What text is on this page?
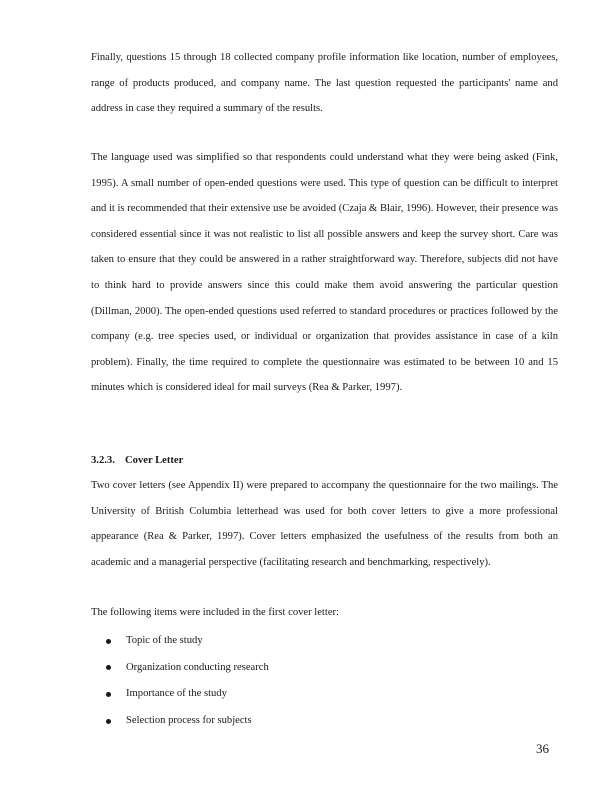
Finally, questions 15 through 18 collected company profile information like location, number of employees, range of products produced, and company name. The last question requested the participants' name and address in case they required a summary of the results.

The language used was simplified so that respondents could understand what they were being asked (Fink, 1995). A small number of open-ended questions were used. This type of question can be difficult to interpret and it is recommended that their extensive use be avoided (Czaja & Blair, 1996). However, their presence was considered essential since it was not realistic to list all possible answers and keep the survey short. Care was taken to ensure that they could be answered in a rather straightforward way. Therefore, subjects did not have to think hard to provide answers since this could make them avoid answering the particular question (Dillman, 2000). The open-ended questions used referred to standard procedures or practices followed by the company (e.g. tree species used, or individual or organization that provides assistance in case of a kiln problem). Finally, the time required to complete the questionnaire was estimated to be between 10 and 15 minutes which is considered ideal for mail surveys (Rea & Parker, 1997).

3.2.3. Cover Letter

Two cover letters (see Appendix II) were prepared to accompany the questionnaire for the two mailings. The University of British Columbia letterhead was used for both cover letters to give a more professional appearance (Rea & Parker, 1997). Cover letters emphasized the usefulness of the results from both an academic and a managerial perspective (facilitating research and benchmarking, respectively).

The following items were included in the first cover letter:

Topic of the study
Organization conducting research
Importance of the study
Selection process for subjects

36
